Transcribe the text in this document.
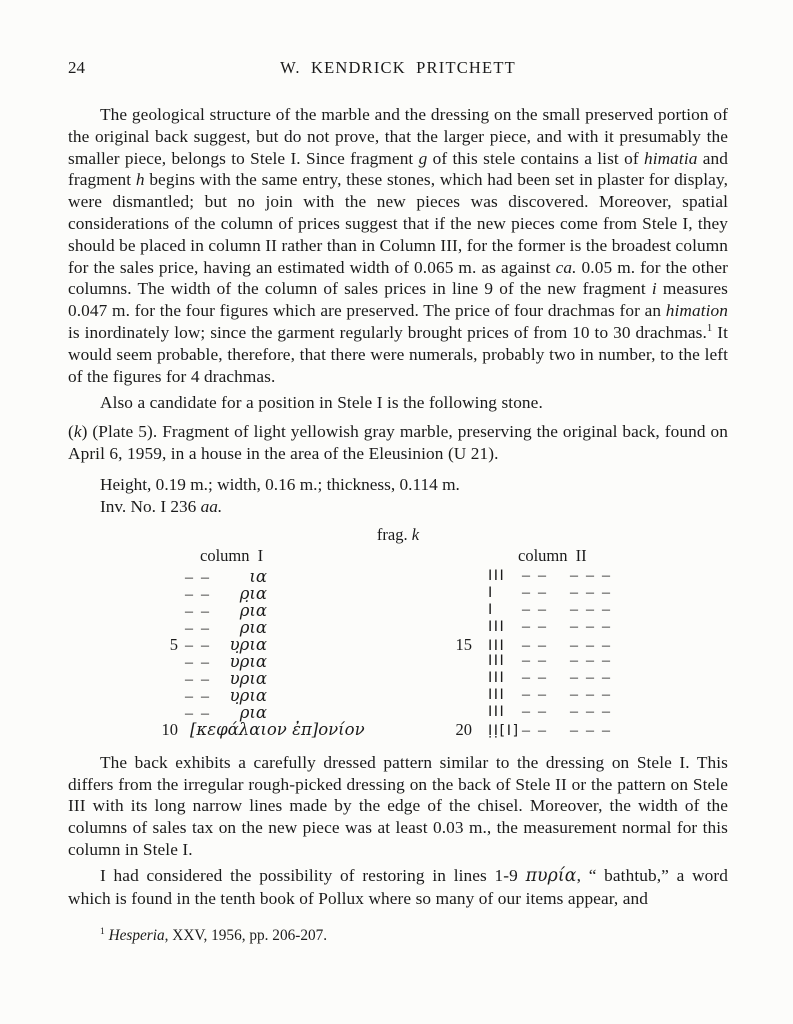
24	W. KENDRICK PRITCHETT

The geological structure of the marble and the dressing on the small preserved portion of the original back suggest, but do not prove, that the larger piece, and with it presumably the smaller piece, belongs to Stele I. Since fragment g of this stele contains a list of himatia and fragment h begins with the same entry, these stones, which had been set in plaster for display, were dismantled; but no join with the new pieces was discovered. Moreover, spatial considerations of the column of prices suggest that if the new pieces come from Stele I, they should be placed in column II rather than in Column III, for the former is the broadest column for the sales price, having an estimated width of 0.065 m. as against ca. 0.05 m. for the other columns. The width of the column of sales prices in line 9 of the new fragment i measures 0.047 m. for the four figures which are preserved. The price of four drachmas for an himation is inordinately low; since the garment regularly brought prices of from 10 to 30 drachmas.$^1$ It would seem probable, therefore, that there were numerals, probably two in number, to the left of the figures for 4 drachmas.

Also a candidate for a position in Stele I is the following stone.

(k) (Plate 5). Fragment of light yellowish gray marble, preserving the original back, found on April 6, 1959, in a house in the area of the Eleusinion (U 21).

Height, 0.19 m.; width, 0.16 m.; thickness, 0.114 m.
Inv. No. I 236 aa.
frag. k
column I	column II
– –	ια
– –	ρ̣ια
– –	ρια
– –	ρια
5 – –	υ̣ρια
– –	υρια
– –	υρια
– –	υ̣ρια
– –	ρια
10 [κεφάλαιον ἐπ]ονίον
III	– –	– – –
I	– –	– – –
I	– –	– – –
III	– –	– – –
15 III	– –	– – –
III	– –	– – –
III	– –	– – –
III	– –	– – –
III	– –	– – –
20 ỊỊ[I] – –	– – –

The back exhibits a carefully dressed pattern similar to the dressing on Stele I. This differs from the irregular rough-picked dressing on the back of Stele II or the pattern on Stele III with its long narrow lines made by the edge of the chisel. Moreover, the width of the columns of sales tax on the new piece was at least 0.03 m., the measurement normal for this column in Stele I.

I had considered the possibility of restoring in lines 1-9 πυρία, “ bathtub,” a word which is found in the tenth book of Pollux where so many of our items appear, and

$^1$ Hesperia, XXV, 1956, pp. 206-207.
